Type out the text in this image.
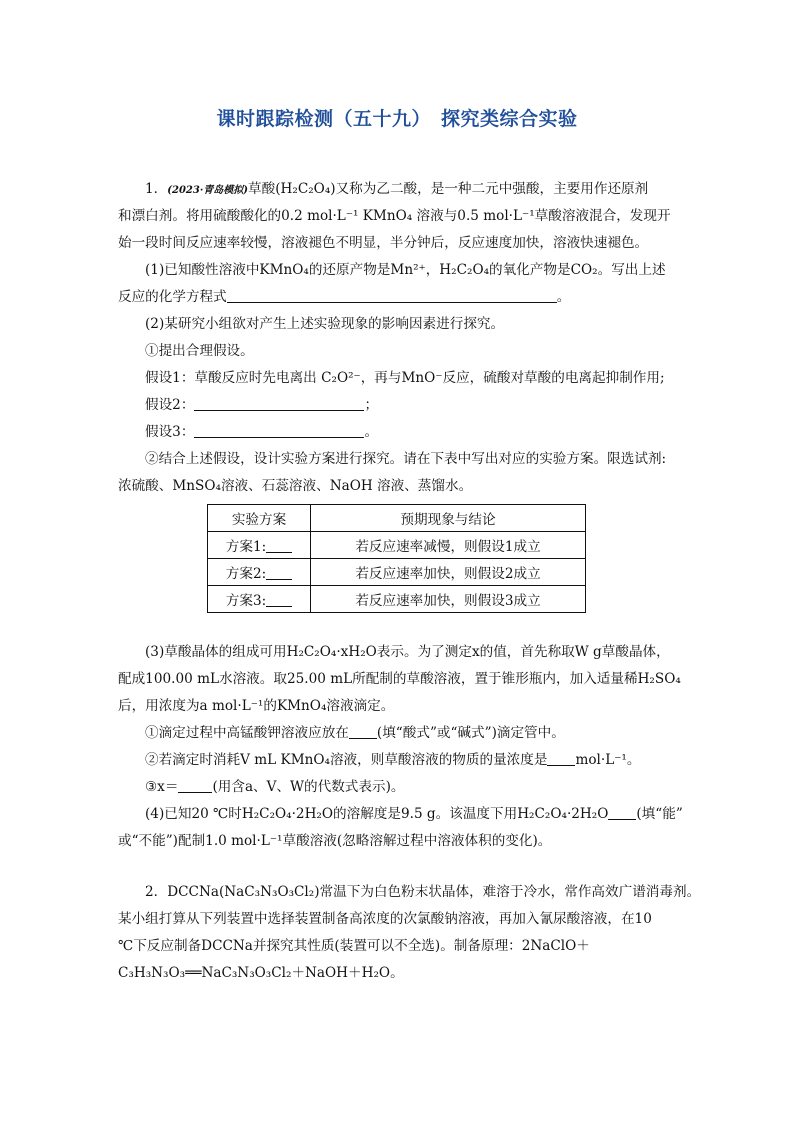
课时跟踪检测（五十九）　探究类综合实验
1．(2023·青岛模拟)草酸(H₂C₂O₄)又称为乙二酸，是一种二元中强酸，主要用作还原剂
和漂白剂。将用硫酸酸化的0.2 mol·L⁻¹ KMnO₄ 溶液与0.5 mol·L⁻¹草酸溶液混合，发现开
始一段时间反应速率较慢，溶液褪色不明显，半分钟后，反应速度加快，溶液快速褪色。
(1)已知酸性溶液中KMnO₄的还原产物是Mn²⁺，H₂C₂O₄的氧化产物是CO₂。写出上述
反应的化学方程式	。
(2)某研究小组欲对产生上述实验现象的影响因素进行探究。
①提出合理假设。
假设1：草酸反应时先电离出 C₂O²⁻，再与MnO⁻反应，硫酸对草酸的电离起抑制作用;
假设2：	；
假设3：	。
②结合上述假设，设计实验方案进行探究。请在下表中写出对应的实验方案。限选试剂:
浓硫酸、MnSO₄溶液、石蕊溶液、NaOH 溶液、蒸馏水。
实验方案	预期现象与结论
方案1:	若反应速率减慢，则假设1成立
方案2:	若反应速率加快，则假设2成立
方案3:	若反应速率加快，则假设3成立
(3)草酸晶体的组成可用H₂C₂O₄·xH₂O表示。为了测定x的值，首先称取W g草酸晶体，
配成100.00 mL水溶液。取25.00 mL所配制的草酸溶液，置于锥形瓶内，加入适量稀H₂SO₄
后，用浓度为a mol·L⁻¹的KMnO₄溶液滴定。
①滴定过程中高锰酸钾溶液应放在 (填“酸式”或“碱式”)滴定管中。
②若滴定时消耗V mL KMnO₄溶液，则草酸溶液的物质的量浓度是 mol·L⁻¹。
③x＝	(用含a、V、W的代数式表示)。
(4)已知20 ℃时H₂C₂O₄·2H₂O的溶解度是9.5 g。该温度下用H₂C₂O₄·2H₂O (填“能”
或“不能”)配制1.0 mol·L⁻¹草酸溶液(忽略溶解过程中溶液体积的变化)。
2．DCCNa(NaC₃N₃O₃Cl₂)常温下为白色粉末状晶体，难溶于冷水，常作高效广谱消毒剂。
某小组打算从下列装置中选择装置制备高浓度的次氯酸钠溶液，再加入氰尿酸溶液，在10
℃下反应制备DCCNa并探究其性质(装置可以不全选)。制备原理：2NaClO＋
C₃H₃N₃O₃══NaC₃N₃O₃Cl₂＋NaOH＋H₂O。
